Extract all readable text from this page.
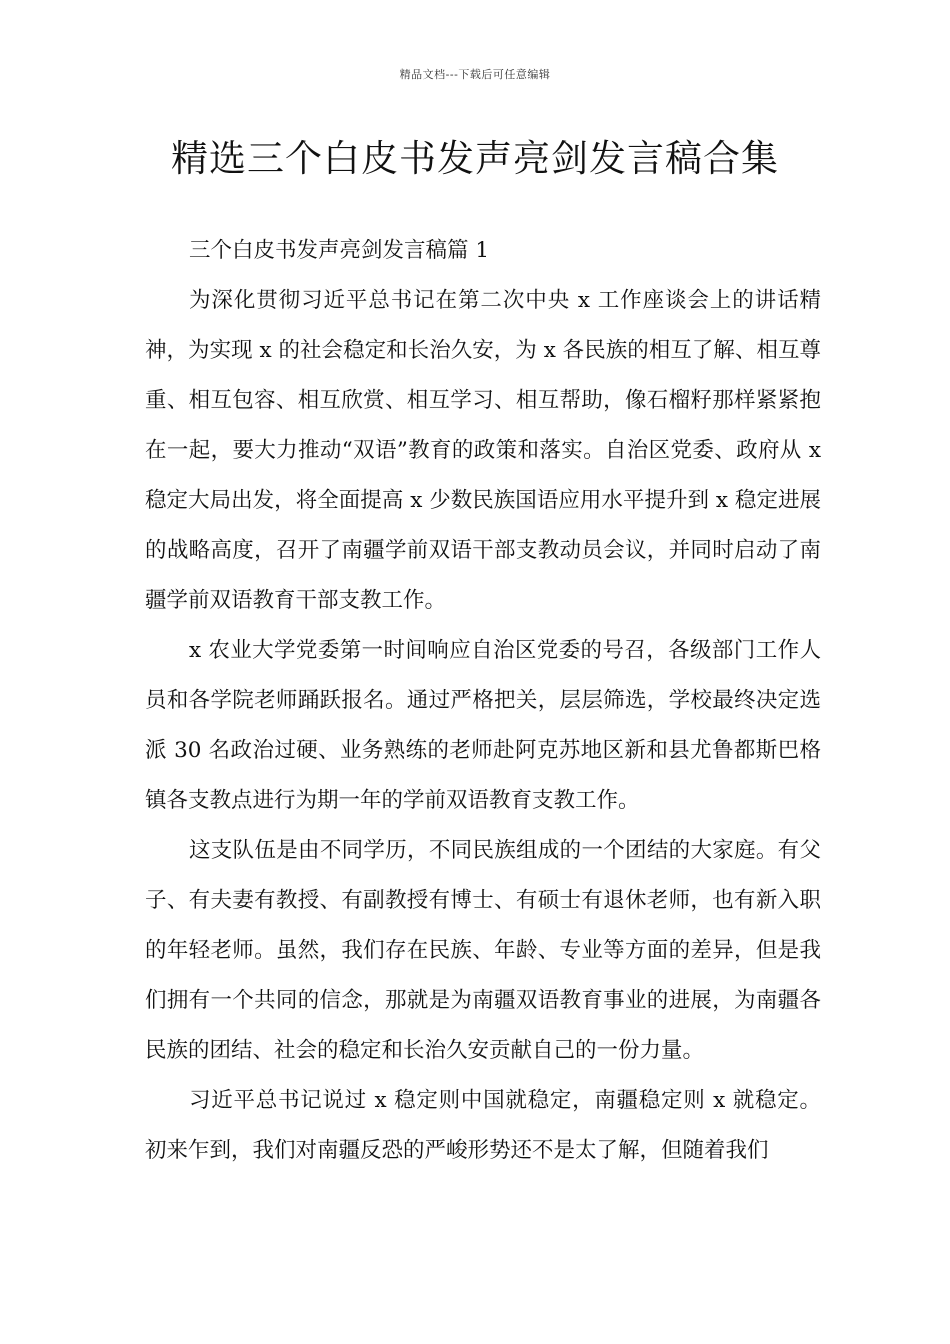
精品文档---下载后可任意编辑
精选三个白皮书发声亮剑发言稿合集

三个白皮书发声亮剑发言稿篇 1

为深化贯彻习近平总书记在第二次中央 x 工作座谈会上的讲话精神，为实现 x 的社会稳定和长治久安，为 x 各民族的相互了解、相互尊重、相互包容、相互欣赏、相互学习、相互帮助，像石榴籽那样紧紧抱在一起，要大力推动“双语”教育的政策和落实。自治区党委、政府从 x 稳定大局出发，将全面提高 x 少数民族国语应用水平提升到 x 稳定进展的战略高度，召开了南疆学前双语干部支教动员会议，并同时启动了南疆学前双语教育干部支教工作。

x 农业大学党委第一时间响应自治区党委的号召，各级部门工作人员和各学院老师踊跃报名。通过严格把关，层层筛选，学校最终决定选派 30 名政治过硬、业务熟练的老师赴阿克苏地区新和县尤鲁都斯巴格镇各支教点进行为期一年的学前双语教育支教工作。

这支队伍是由不同学历，不同民族组成的一个团结的大家庭。有父子、有夫妻有教授、有副教授有博士、有硕士有退休老师，也有新入职的年轻老师。虽然，我们存在民族、年龄、专业等方面的差异，但是我们拥有一个共同的信念，那就是为南疆双语教育事业的进展，为南疆各民族的团结、社会的稳定和长治久安贡献自己的一份力量。

习近平总书记说过 x 稳定则中国就稳定，南疆稳定则 x 就稳定。初来乍到，我们对南疆反恐的严峻形势还不是太了解，但随着我们
